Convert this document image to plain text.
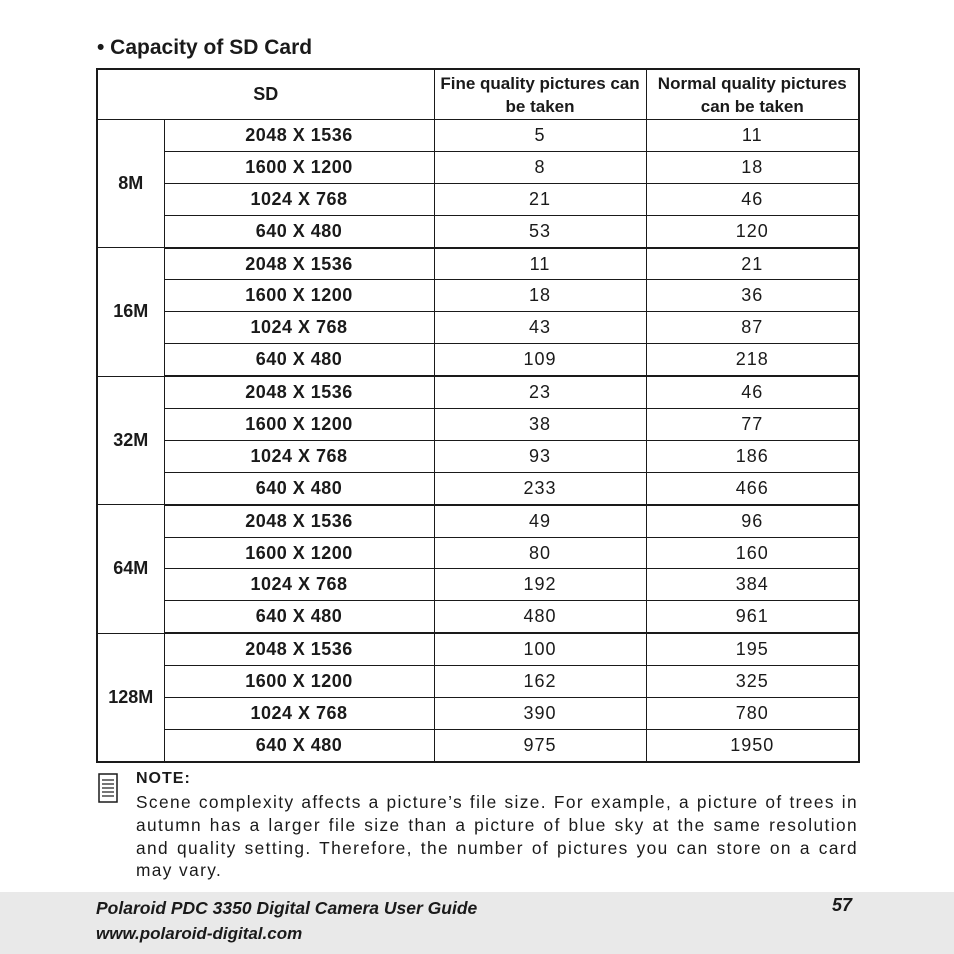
• Capacity of SD Card
SD		Fine quality pictures can be taken	Normal quality pictures can be taken
8M	2048 X 1536	5	11
	1600 X 1200	8	18
	1024 X 768	21	46
	640 X 480	53	120
16M	2048 X 1536	11	21
	1600 X 1200	18	36
	1024 X 768	43	87
	640 X 480	109	218
32M	2048 X 1536	23	46
	1600 X 1200	38	77
	1024 X 768	93	186
	640 X 480	233	466
64M	2048 X 1536	49	96
	1600 X 1200	80	160
	1024 X 768	192	384
	640 X 480	480	961
128M	2048 X 1536	100	195
	1600 X 1200	162	325
	1024 X 768	390	780
	640 X 480	975	1950
NOTE:
Scene complexity affects a picture’s file size. For example, a picture of trees in autumn has a larger file size than a picture of blue sky at the same resolution and quality setting. Therefore, the number of pictures you can store on a card may vary.
Polaroid PDC 3350 Digital Camera User Guide
www.polaroid-digital.com
57
